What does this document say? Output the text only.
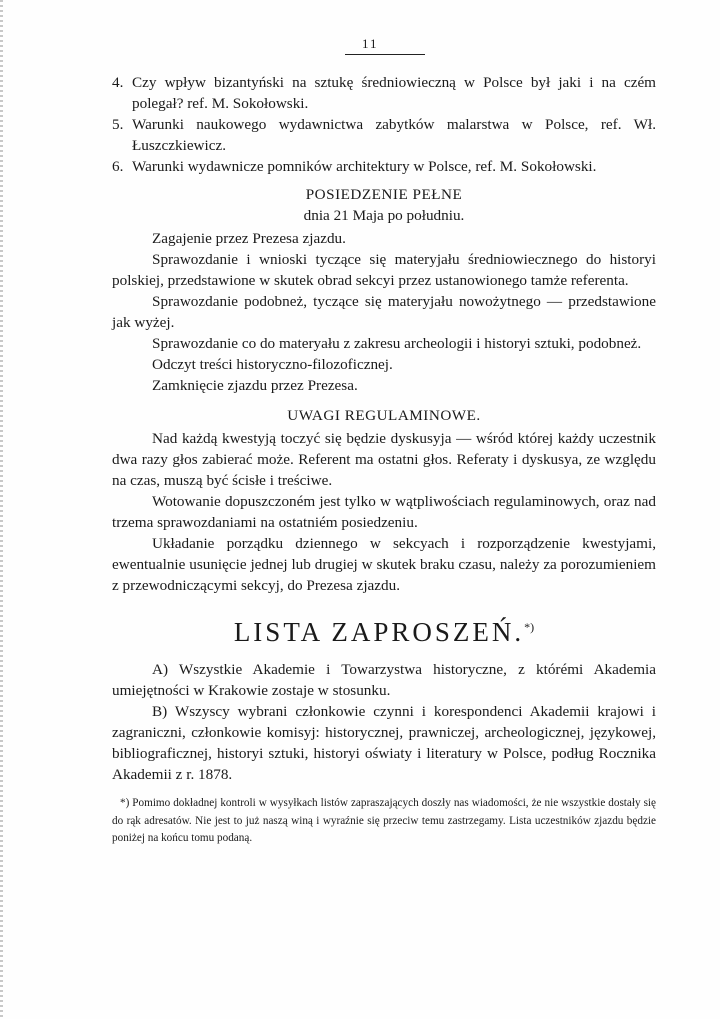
11
4. Czy wpływ bizantyński na sztukę średniowieczną w Polsce był jaki i na czém polegał? ref. M. Sokołowski.
5. Warunki naukowego wydawnictwa zabytków malarstwa w Polsce, ref. Wł. Łuszczkiewicz.
6. Warunki wydawnicze pomników architektury w Polsce, ref. M. Sokołowski.
POSIEDZENIE PEŁNE
dnia 21 Maja po południu.

Zagajenie przez Prezesa zjazdu.

Sprawozdanie i wnioski tyczące się materyjału średniowiecznego do historyi polskiej, przedstawione w skutek obrad sekcyi przez ustanowionego tamże referenta.

Sprawozdanie podobneż, tyczące się materyjału nowożytnego — przedstawione jak wyżej.

Sprawozdanie co do materyału z zakresu archeologii i historyi sztuki, podobneż.

Odczyt treści historyczno-filozoficznej.

Zamknięcie zjazdu przez Prezesa.

UWAGI REGULAMINOWE.

Nad każdą kwestyją toczyć się będzie dyskusyja — wśród której każdy uczestnik dwa razy głos zabierać może. Referent ma ostatni głos. Referaty i dyskusya, ze względu na czas, muszą być ścisłe i treściwe.

Wotowanie dopuszczoném jest tylko w wątpliwościach regulaminowych, oraz nad trzema sprawozdaniami na ostatniém posiedzeniu.

Układanie porządku dziennego w sekcyach i rozporządzenie kwestyjami, ewentualnie usunięcie jednej lub drugiej w skutek braku czasu, należy za porozumieniem z przewodniczącymi sekcyj, do Prezesa zjazdu.

LISTA ZAPROSZEŃ.*)

A) Wszystkie Akademie i Towarzystwa historyczne, z którémi Akademia umiejętności w Krakowie zostaje w stosunku.

B) Wszyscy wybrani członkowie czynni i korespondenci Akademii krajowi i zagraniczni, członkowie komisyj: historycznej, prawniczej, archeologicznej, językowej, bibliograficznej, historyi sztuki, historyi oświaty i literatury w Polsce, podług Rocznika Akademii z r. 1878.

*) Pomimo dokładnej kontroli w wysyłkach listów zapraszających doszły nas wiadomości, że nie wszystkie dostały się do rąk adresatów. Nie jest to już naszą winą i wyraźnie się przeciw temu zastrzegamy. Lista uczestników zjazdu będzie poniżej na końcu tomu podaną.
